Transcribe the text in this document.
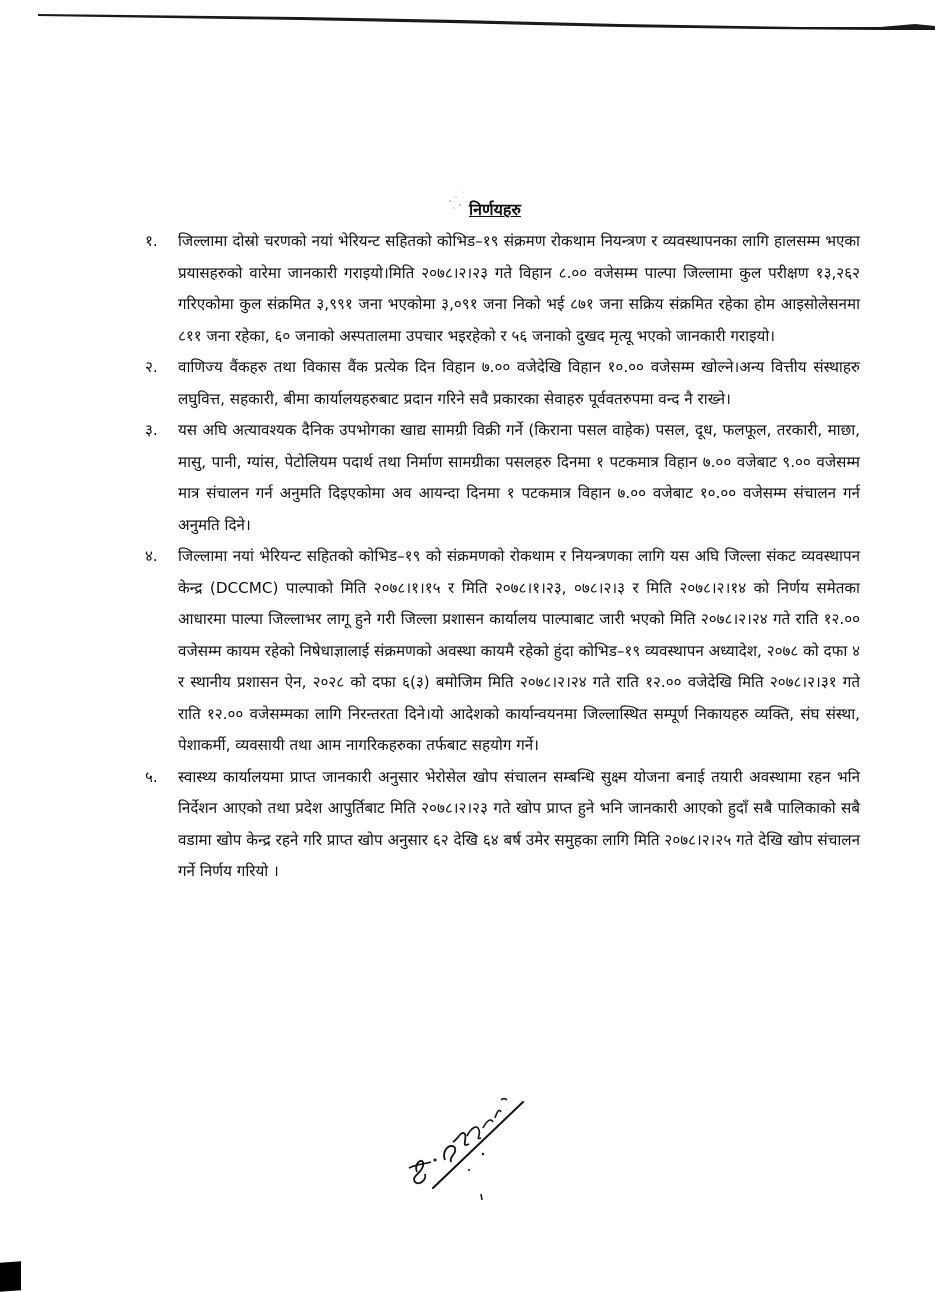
निर्णयहरु
१.	जिल्लामा दोस्रो चरणको नयां भेरियन्ट सहितको कोभिड–१९ संक्रमण रोकथाम नियन्त्रण र व्यवस्थापनका लागि हालसम्म भएका प्रयासहरुको वारेमा जानकारी गराइयो।मिति २०७८।२।२३ गते विहान ८.०० वजेसम्म पाल्पा जिल्लामा कुल परीक्षण १३,२६२ गरिएकोमा कुल संक्रमित ३,९९१ जना भएकोमा ३,०९१ जना निको भई ८७१ जना सक्रिय संक्रमित रहेका होम आइसोलेसनमा ८११ जना रहेका, ६० जनाको अस्पतालमा उपचार भइरहेको र ५६ जनाको दुखद मृत्यू भएको जानकारी गराइयो।
२.	वाणिज्य वैंकहरु तथा विकास वैंक प्रत्येक दिन विहान ७.०० वजेदेखि विहान १०.०० वजेसम्म खोल्ने।अन्य वित्तीय संस्थाहरु लघुवित्त, सहकारी, बीमा कार्यालयहरुबाट प्रदान गरिने सवै प्रकारका सेवाहरु पूर्ववतरुपमा वन्द नै राख्ने।
३.	यस अघि अत्यावश्यक दैनिक उपभोगका खाद्य सामग्री विक्री गर्ने (किराना पसल वाहेक) पसल, दूध, फलफूल, तरकारी, माछा, मासु, पानी, ग्यांस, पेटोलियम पदार्थ तथा निर्माण सामग्रीका पसलहरु दिनमा १ पटकमात्र विहान ७.०० वजेबाट ९.०० वजेसम्म मात्र संचालन गर्न अनुमति दिइएकोमा अव आयन्दा दिनमा १ पटकमात्र विहान ७.०० वजेबाट १०.०० वजेसम्म संचालन गर्न अनुमति दिने।
४.	जिल्लामा नयां भेरियन्ट सहितको कोभिड–१९ को संक्रमणको रोकथाम र नियन्त्रणका लागि यस अघि जिल्ला संकट व्यवस्थापन केन्द्र (DCCMC) पाल्पाको मिति २०७८।१।१५ र मिति २०७८।१।२३, ०७८।२।३ र मिति २०७८।२।१४ को निर्णय समेतका आधारमा पाल्पा जिल्लाभर लागू हुने गरी जिल्ला प्रशासन कार्यालय पाल्पाबाट जारी भएको मिति २०७८।२।२४ गते राति १२.०० वजेसम्म कायम रहेको निषेधाज्ञालाई संक्रमणको अवस्था कायमै रहेको हुंदा कोभिड–१९ व्यवस्थापन अध्यादेश, २०७८ को दफा ४ र स्थानीय प्रशासन ऐन, २०२८ को दफा ६(३) बमोजिम मिति २०७८।२।२४ गते राति १२.०० वजेदेखि मिति २०७८।२।३१ गते राति १२.०० वजेसम्मका लागि निरन्तरता दिने।यो आदेशको कार्यान्वयनमा जिल्लास्थित सम्पूर्ण निकायहरु व्यक्ति, संघ संस्था, पेशाकर्मी, व्यवसायी तथा आम नागरिकहरुका तर्फबाट सहयोग गर्ने।
५.	स्वास्थ्य कार्यालयमा प्राप्त जानकारी अनुसार भेरोसेल खोप संचालन सम्बन्धि सुक्ष्म योजना बनाई तयारी अवस्थामा रहन भनि निर्देशन आएको तथा प्रदेश आपुर्तिबाट मिति २०७८।२।२३ गते खोप प्राप्त हुने भनि जानकारी आएको हुदाँ सबै पालिकाको सबै वडामा खोप केन्द्र रहने गरि प्राप्त खोप अनुसार ६२ देखि ६४ बर्ष उमेर समुहका लागि मिति २०७८।२।२५ गते देखि खोप संचालन गर्ने निर्णय गरियो ।
